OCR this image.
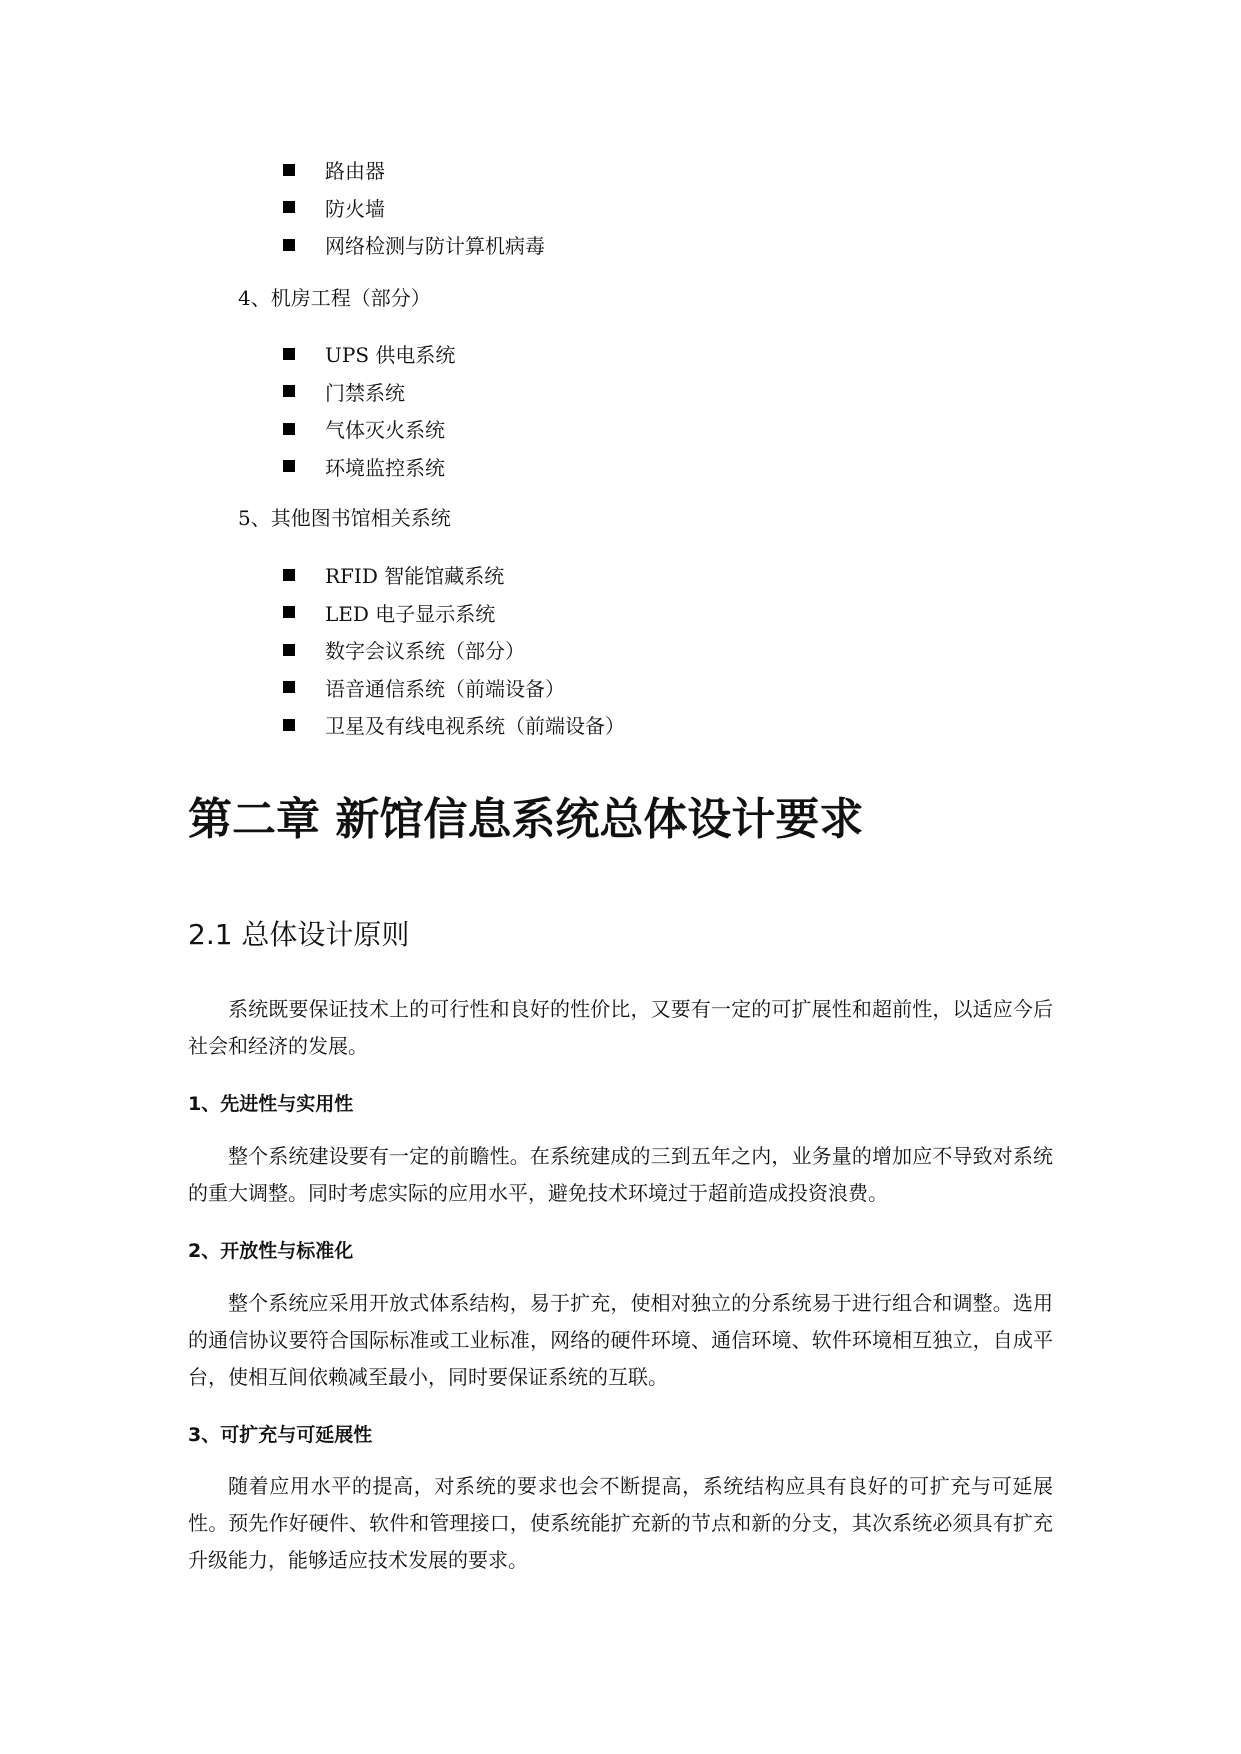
路由器
防火墙
网络检测与防计算机病毒
4、机房工程（部分）
UPS 供电系统
门禁系统
气体灭火系统
环境监控系统
5、其他图书馆相关系统
RFID 智能馆藏系统
LED 电子显示系统
数字会议系统（部分）
语音通信系统（前端设备）
卫星及有线电视系统（前端设备）
第二章 新馆信息系统总体设计要求
2.1 总体设计原则

系统既要保证技术上的可行性和良好的性价比，又要有一定的可扩展性和超前性，以适应今后社会和经济的发展。

1、先进性与实用性

整个系统建设要有一定的前瞻性。在系统建成的三到五年之内，业务量的增加应不导致对系统的重大调整。同时考虑实际的应用水平，避免技术环境过于超前造成投资浪费。

2、开放性与标准化

整个系统应采用开放式体系结构，易于扩充，使相对独立的分系统易于进行组合和调整。选用的通信协议要符合国际标准或工业标准，网络的硬件环境、通信环境、软件环境相互独立，自成平台，使相互间依赖减至最小，同时要保证系统的互联。

3、可扩充与可延展性

随着应用水平的提高，对系统的要求也会不断提高，系统结构应具有良好的可扩充与可延展性。预先作好硬件、软件和管理接口，使系统能扩充新的节点和新的分支，其次系统必须具有扩充升级能力，能够适应技术发展的要求。
